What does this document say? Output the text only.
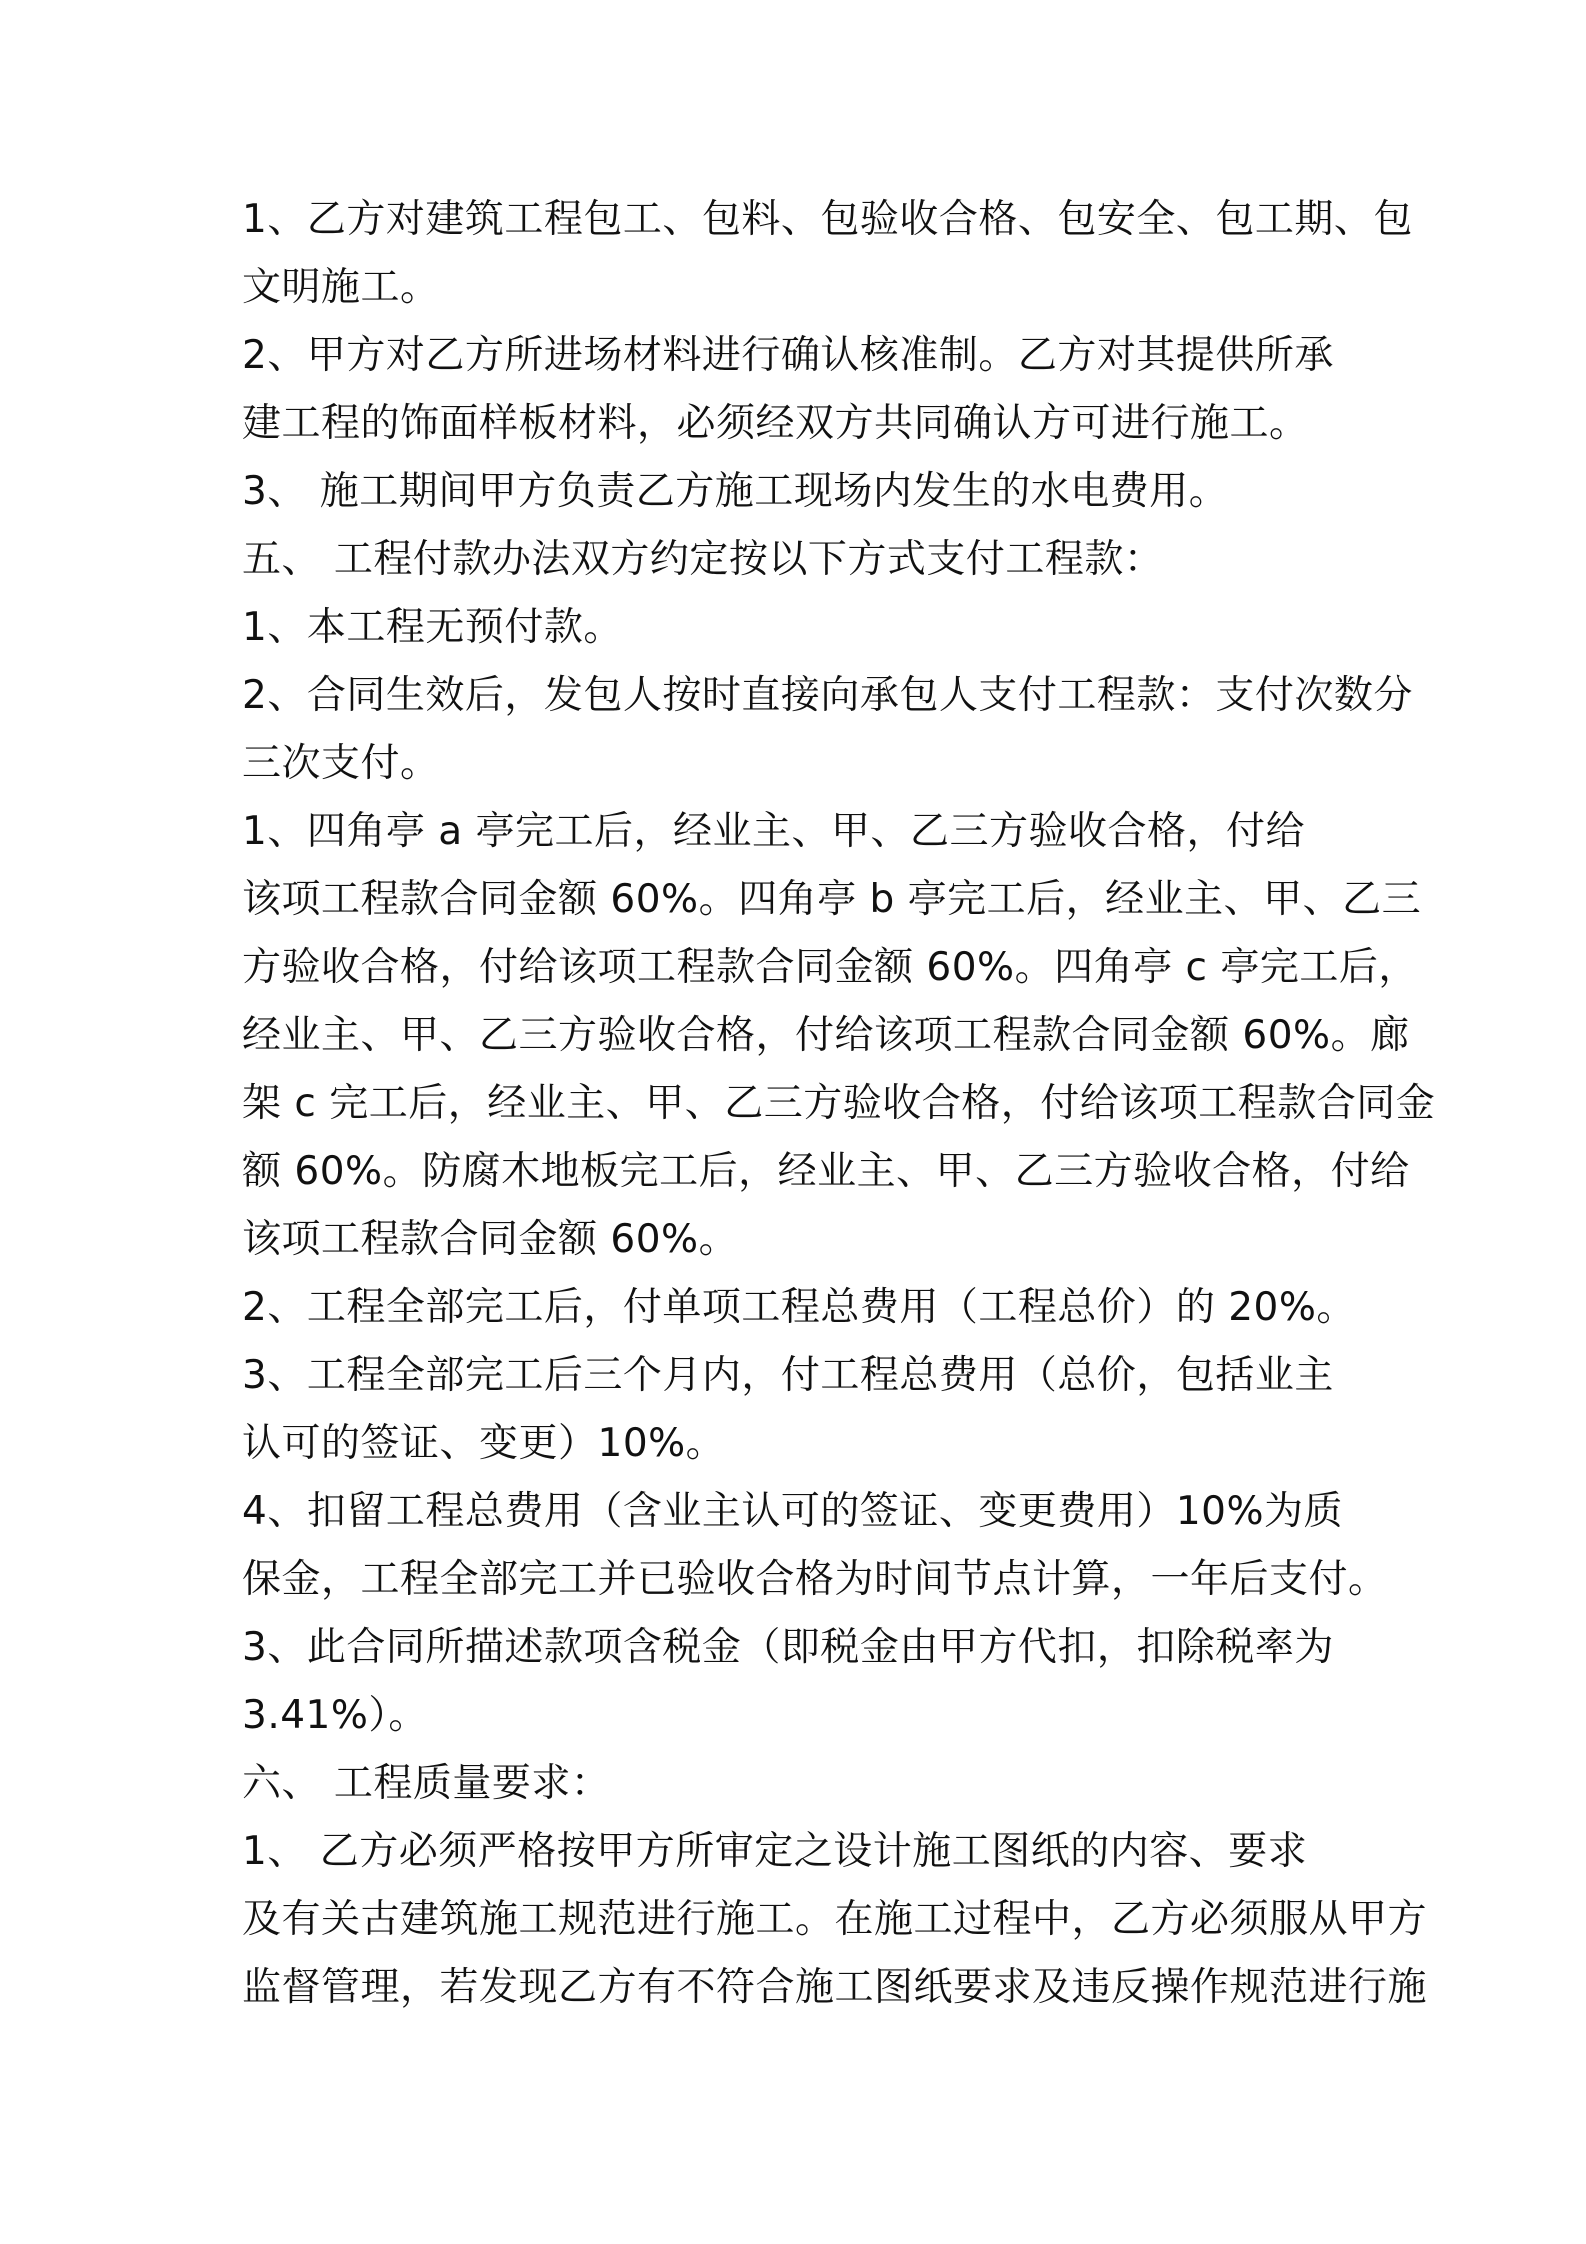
1、乙方对建筑工程包工、包料、包验收合格、包安全、包工期、包
文明施工。
2、甲方对乙方所进场材料进行确认核准制。乙方对其提供所承
建工程的饰面样板材料，必须经双方共同确认方可进行施工。
3、 施工期间甲方负责乙方施工现场内发生的水电费用。
五、 工程付款办法双方约定按以下方式支付工程款：
1、本工程无预付款。
2、合同生效后，发包人按时直接向承包人支付工程款：支付次数分
三次支付。
1、四角亭 a 亭完工后，经业主、甲、乙三方验收合格，付给
该项工程款合同金额 60%。四角亭 b 亭完工后，经业主、甲、乙三
方验收合格，付给该项工程款合同金额 60%。四角亭 c 亭完工后，
经业主、甲、乙三方验收合格，付给该项工程款合同金额 60%。廊
架 c 完工后，经业主、甲、乙三方验收合格，付给该项工程款合同金
额 60%。防腐木地板完工后，经业主、甲、乙三方验收合格，付给
该项工程款合同金额 60%。
2、工程全部完工后，付单项工程总费用（工程总价）的 20%。
3、工程全部完工后三个月内，付工程总费用（总价，包括业主
认可的签证、变更）10%。
4、扣留工程总费用（含业主认可的签证、变更费用）10%为质
保金，工程全部完工并已验收合格为时间节点计算，一年后支付。
3、此合同所描述款项含税金（即税金由甲方代扣，扣除税率为
3.41%）。
六、 工程质量要求：
1、 乙方必须严格按甲方所审定之设计施工图纸的内容、要求
及有关古建筑施工规范进行施工。在施工过程中，乙方必须服从甲方
监督管理，若发现乙方有不符合施工图纸要求及违反操作规范进行施
